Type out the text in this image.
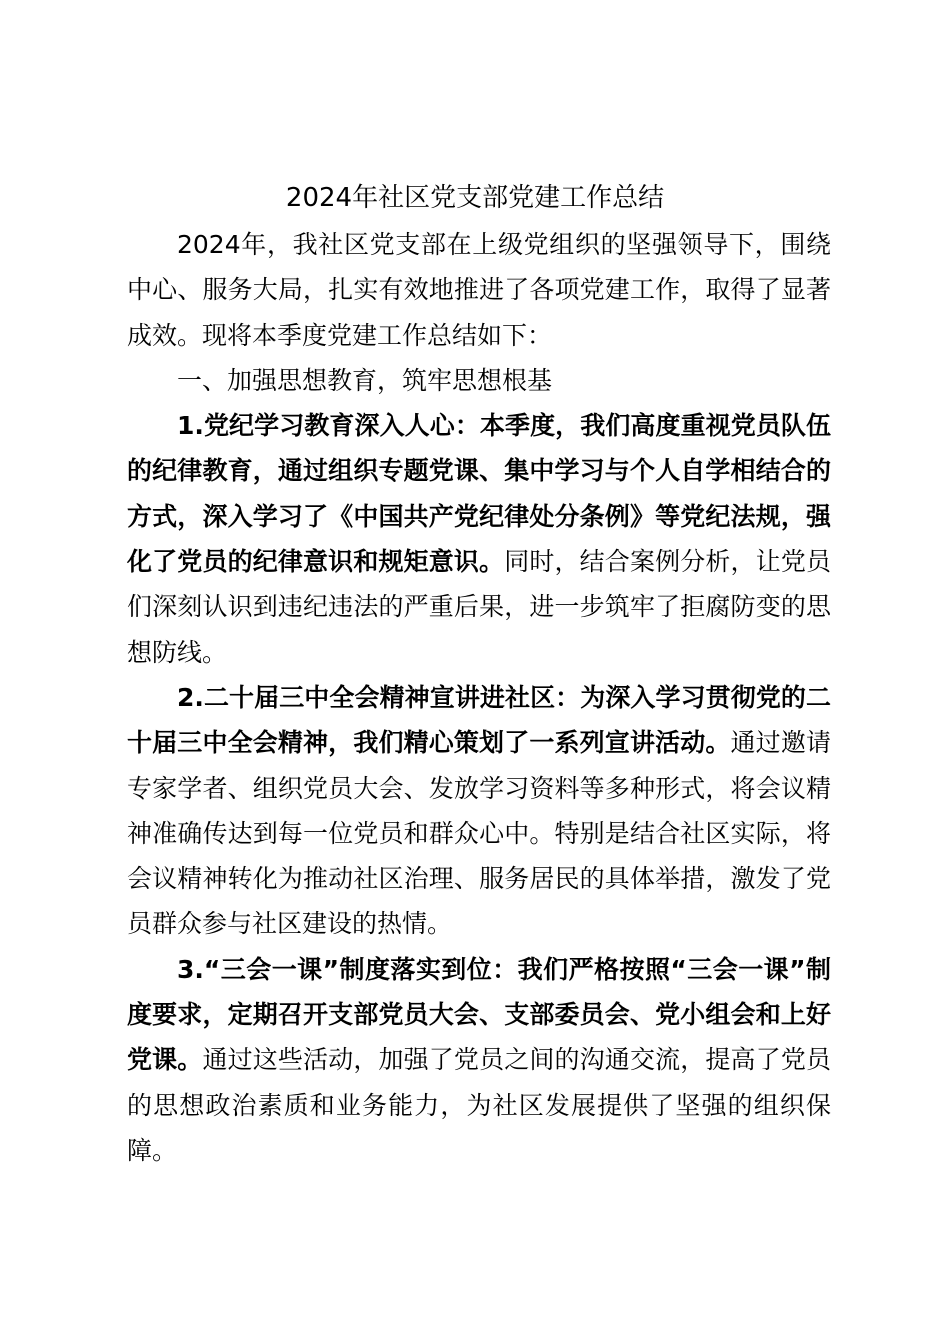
2024年社区党支部党建工作总结

2024年，我社区党支部在上级党组织的坚强领导下，围绕中心、服务大局，扎实有效地推进了各项党建工作，取得了显著成效。现将本季度党建工作总结如下：

一、加强思想教育，筑牢思想根基

1.党纪学习教育深入人心：本季度，我们高度重视党员队伍的纪律教育，通过组织专题党课、集中学习与个人自学相结合的方式，深入学习了《中国共产党纪律处分条例》等党纪法规，强化了党员的纪律意识和规矩意识。同时，结合案例分析，让党员们深刻认识到违纪违法的严重后果，进一步筑牢了拒腐防变的思想防线。

2.二十届三中全会精神宣讲进社区：为深入学习贯彻党的二十届三中全会精神，我们精心策划了一系列宣讲活动。通过邀请专家学者、组织党员大会、发放学习资料等多种形式，将会议精神准确传达到每一位党员和群众心中。特别是结合社区实际，将会议精神转化为推动社区治理、服务居民的具体举措，激发了党员群众参与社区建设的热情。

3.“三会一课”制度落实到位：我们严格按照“三会一课”制度要求，定期召开支部党员大会、支部委员会、党小组会和上好党课。通过这些活动，加强了党员之间的沟通交流，提高了党员的思想政治素质和业务能力，为社区发展提供了坚强的组织保障。
